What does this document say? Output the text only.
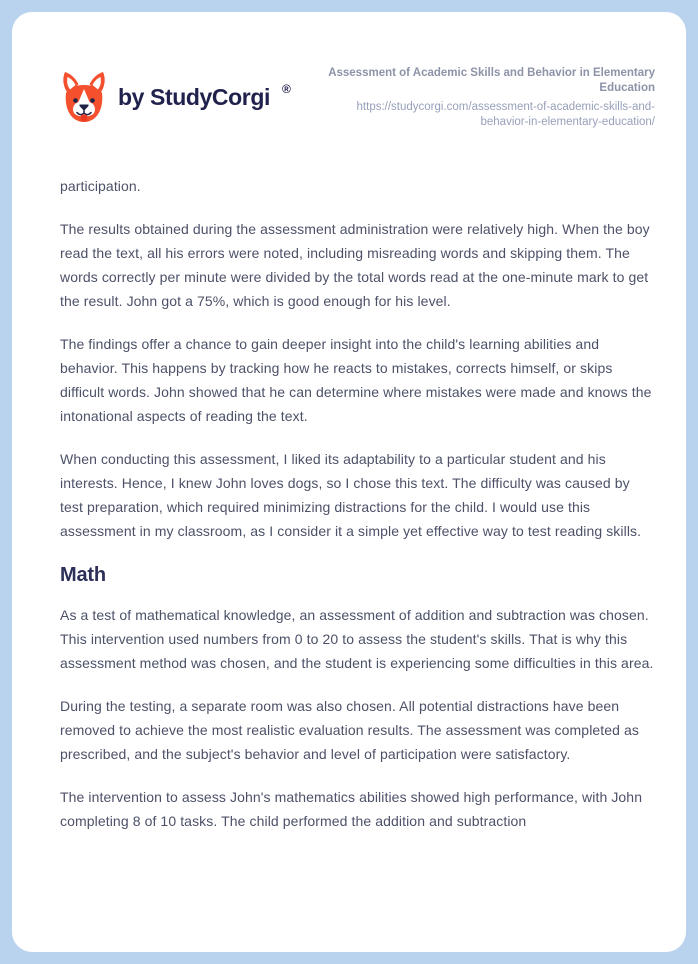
by StudyCorgi ®
Assessment of Academic Skills and Behavior in Elementary Education
https://studycorgi.com/assessment-of-academic-skills-and-behavior-in-elementary-education/

participation.

The results obtained during the assessment administration were relatively high. When the boy read the text, all his errors were noted, including misreading words and skipping them. The words correctly per minute were divided by the total words read at the one-minute mark to get the result. John got a 75%, which is good enough for his level.

The findings offer a chance to gain deeper insight into the child's learning abilities and behavior. This happens by tracking how he reacts to mistakes, corrects himself, or skips difficult words. John showed that he can determine where mistakes were made and knows the intonational aspects of reading the text.

When conducting this assessment, I liked its adaptability to a particular student and his interests. Hence, I knew John loves dogs, so I chose this text. The difficulty was caused by test preparation, which required minimizing distractions for the child. I would use this assessment in my classroom, as I consider it a simple yet effective way to test reading skills.

Math

As a test of mathematical knowledge, an assessment of addition and subtraction was chosen. This intervention used numbers from 0 to 20 to assess the student's skills. That is why this assessment method was chosen, and the student is experiencing some difficulties in this area.

During the testing, a separate room was also chosen. All potential distractions have been removed to achieve the most realistic evaluation results. The assessment was completed as prescribed, and the subject's behavior and level of participation were satisfactory.

The intervention to assess John's mathematics abilities showed high performance, with John completing 8 of 10 tasks. The child performed the addition and subtraction
